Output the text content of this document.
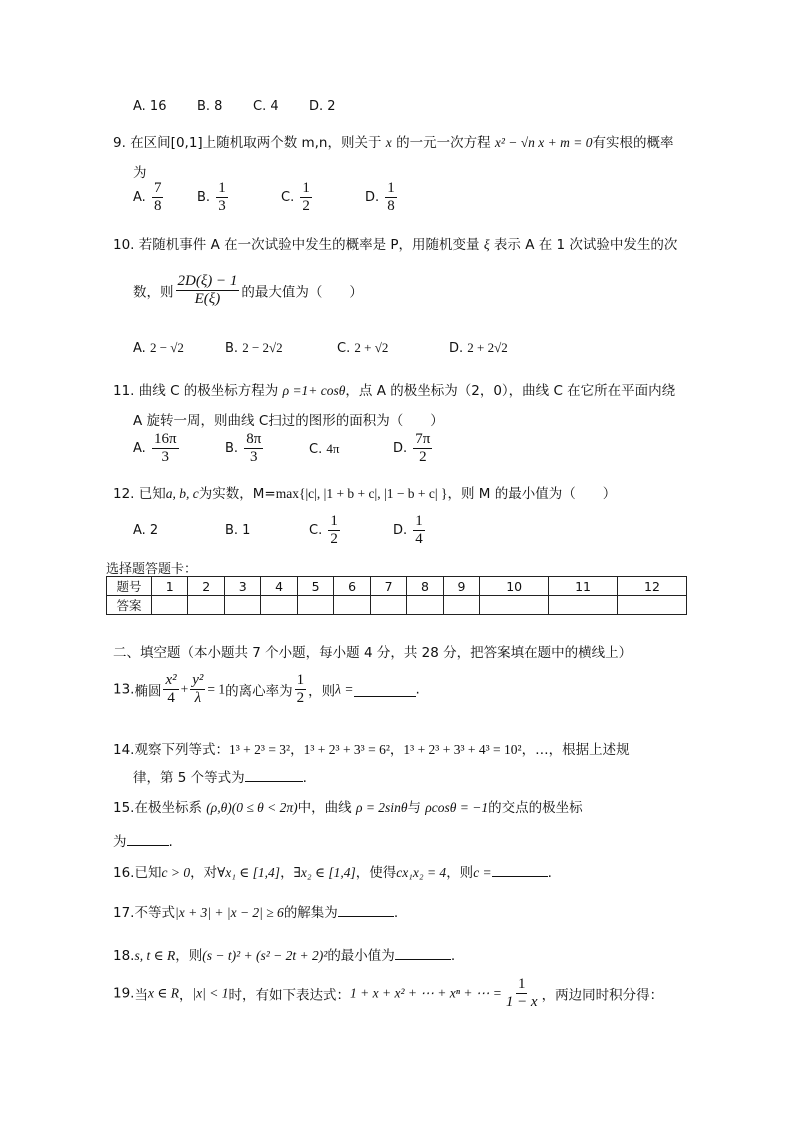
A. 16 B. 8 C. 4 D. 2
9. 在区间[0,1]上随机取两个数 m,n，则关于 x 的一元一次方程 x² − √n x + m = 0有实根的概率
为
A. $\frac{7}{8}$	B. $\frac{1}{3}$	C. $\frac{1}{2}$	D. $\frac{1}{8}$
10. 若随机事件 A 在一次试验中发生的概率是 P，用随机变量 ξ 表示 A 在 1 次试验中发生的次
数，则 $\frac{2D(\xi) - 1}{E(\xi)}$ 的最大值为（　　）
A. 2 − √2	B. 2 − 2√2	C. 2 + √2	D. 2 + 2√2
11. 曲线 C 的极坐标方程为 ρ =1+ cosθ，点 A 的极坐标为（2，0），曲线 C 在它所在平面内绕
A 旋转一周，则曲线 C扫过的图形的面积为（　　）
A. $\frac{16\pi}{3}$	B. $\frac{8\pi}{3}$	C. 4π	D. $\frac{7\pi}{2}$
12. 已知a, b, c为实数，M=max{|c|, |1 + b + c|, |1 − b + c| }，则 M 的最小值为（　　）
A. 2	B. 1	C. $\frac{1}{2}$	D. $\frac{1}{4}$
选择题答题卡：
题号	1	2	3	4	5	6	7	8	9	10	11	12
答案												
二、填空题（本小题共 7 个小题，每小题 4 分，共 28 分，把答案填在题中的横线上）
13.椭圆 $\frac{\text{x²}}{4} + \frac{\text{y²}}{\lambda} = 1$的离心率为 $\frac{1}{2}$ ，则λ =	.
14.观察下列等式：1³ + 2³ = 3²，1³ + 2³ + 3³ = 6²，1³ + 2³ + 3³ + 4³ = 10²，…，根据上述规
律，第 5 个等式为	.
15.在极坐标系 (ρ,θ)(0 ≤ θ < 2π)中，曲线 ρ = 2sinθ与 ρcosθ = −1的交点的极坐标
为	.
16.已知c > 0，对∀x₁ ∈ [1,4]，∃x₂ ∈ [1,4]，使得cx₁x₂ = 4，则c =	.
17.不等式|x + 3| + |x − 2| ≥ 6的解集为	.
18.s, t ∈ R，则(s − t)² + (s² − 2t + 2)²的最小值为	.
19.当x ∈ R，|x| < 1时，有如下表达式：1 + x + x² + ⋯ + xⁿ + ⋯ = $\frac{1}{1 - x}$ ，两边同时积分得：
